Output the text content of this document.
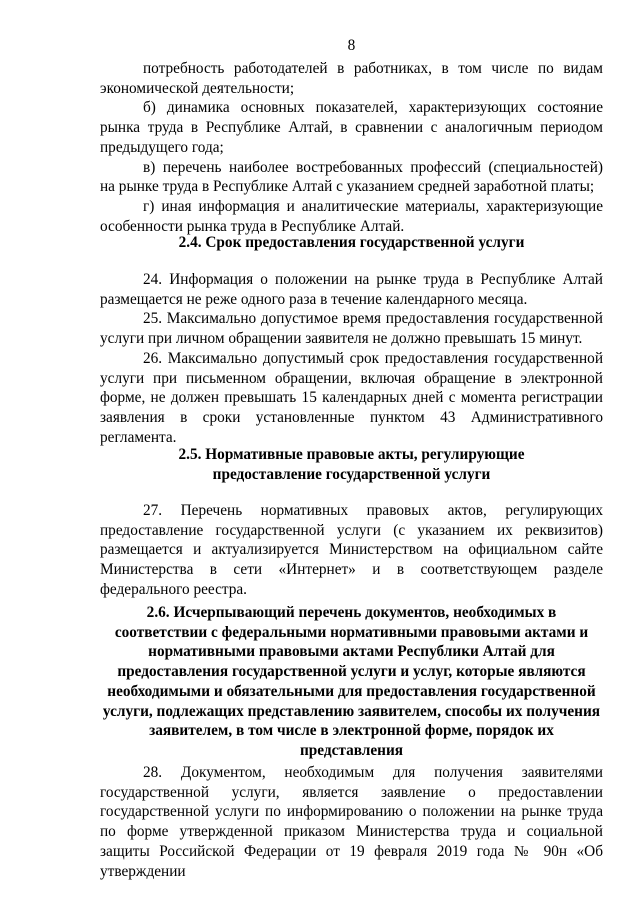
8

потребность работодателей в работниках, в том числе по видам экономической деятельности;

б) динамика основных показателей, характеризующих состояние рынка труда в Республике Алтай, в сравнении с аналогичным периодом предыдущего года;

в) перечень наиболее востребованных профессий (специальностей) на рынке труда в Республике Алтай с указанием средней заработной платы;

г) иная информация и аналитические материалы, характеризующие особенности рынка труда в Республике Алтай.

2.4. Срок предоставления государственной услуги

24. Информация о положении на рынке труда в Республике Алтай размещается не реже одного раза в течение календарного месяца.

25. Максимально допустимое время предоставления государственной услуги при личном обращении заявителя не должно превышать 15 минут.

26. Максимально допустимый срок предоставления государственной услуги при письменном обращении, включая обращение в электронной форме, не должен превышать 15 календарных дней с момента регистрации заявления в сроки установленные пунктом 43 Административного регламента.

2.5. Нормативные правовые акты, регулирующие

предоставление государственной услуги

27. Перечень нормативных правовых актов, регулирующих предоставление государственной услуги (с указанием их реквизитов) размещается и актуализируется Министерством на официальном сайте Министерства в сети «Интернет» и в соответствующем разделе федерального реестра.

2.6. Исчерпывающий перечень документов, необходимых в соответствии с федеральными нормативными правовыми актами и нормативными правовыми актами Республики Алтай для предоставления государственной услуги и услуг, которые являются необходимыми и обязательными для предоставления государственной услуги, подлежащих представлению заявителем, способы их получения заявителем, в том числе в электронной форме, порядок их представления

28. Документом, необходимым для получения заявителями государственной услуги, является заявление о предоставлении государственной услуги по информированию о положении на рынке труда по форме утвержденной приказом Министерства труда и социальной защиты Российской Федерации от 19 февраля 2019 года № 90н «Об утверждении
